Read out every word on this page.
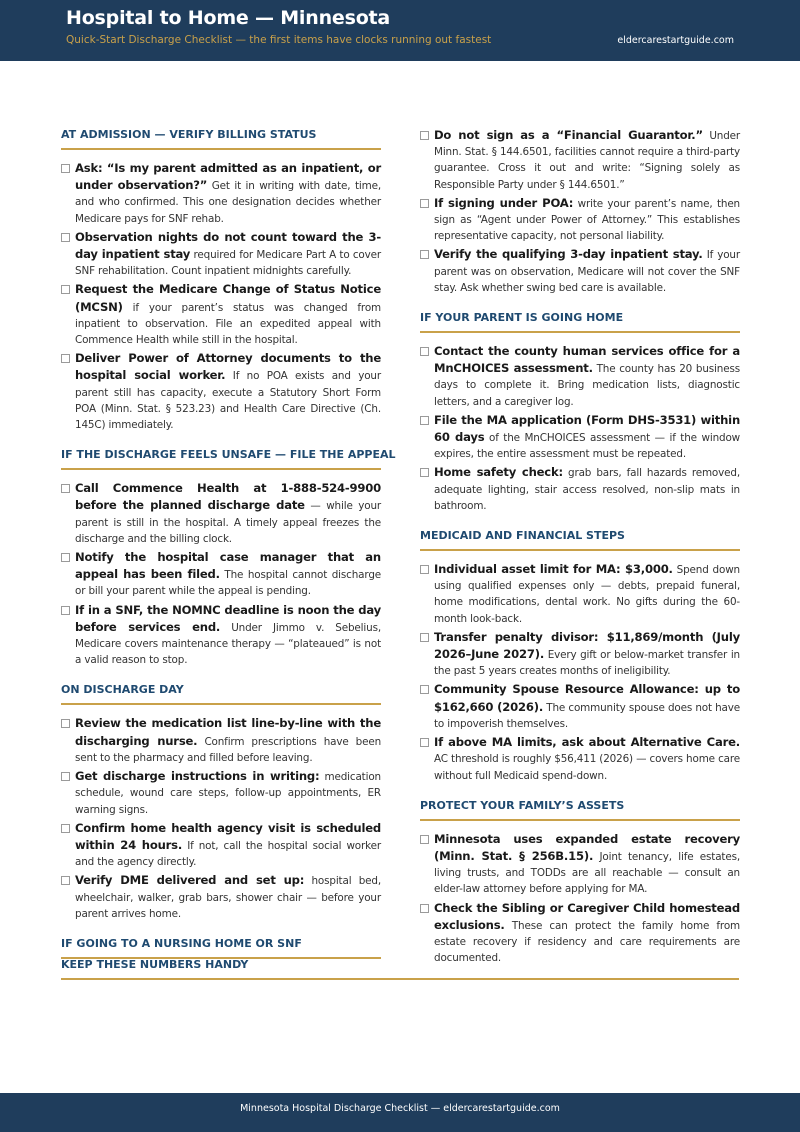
Hospital to Home — Minnesota
Quick-Start Discharge Checklist — the first items have clocks running out fastest	eldercarestartguide.com
AT ADMISSION — VERIFY BILLING STATUS
Ask: “Is my parent admitted as an inpatient, or under observation?” Get it in writing with date, time, and who confirmed. This one designation decides whether Medicare pays for SNF rehab.
Observation nights do not count toward the 3-day inpatient stay required for Medicare Part A to cover SNF rehabilitation. Count inpatient midnights carefully.
Request the Medicare Change of Status Notice (MCSN) if your parent’s status was changed from inpatient to observation. File an expedited appeal with Commence Health while still in the hospital.
Deliver Power of Attorney documents to the hospital social worker. If no POA exists and your parent still has capacity, execute a Statutory Short Form POA (Minn. Stat. § 523.23) and Health Care Directive (Ch. 145C) immediately.
IF THE DISCHARGE FEELS UNSAFE — FILE THE APPEAL
Call Commence Health at 1-888-524-9900 before the planned discharge date — while your parent is still in the hospital. A timely appeal freezes the discharge and the billing clock.
Notify the hospital case manager that an appeal has been filed. The hospital cannot discharge or bill your parent while the appeal is pending.
If in a SNF, the NOMNC deadline is noon the day before services end. Under Jimmo v. Sebelius, Medicare covers maintenance therapy — “plateaued” is not a valid reason to stop.
ON DISCHARGE DAY
Review the medication list line-by-line with the discharging nurse. Confirm prescriptions have been sent to the pharmacy and filled before leaving.
Get discharge instructions in writing: medication schedule, wound care steps, follow-up appointments, ER warning signs.
Confirm home health agency visit is scheduled within 24 hours. If not, call the hospital social worker and the agency directly.
Verify DME delivered and set up: hospital bed, wheelchair, walker, grab bars, shower chair — before your parent arrives home.
IF GOING TO A NURSING HOME OR SNF
Do not sign as a “Financial Guarantor.” Under Minn. Stat. § 144.6501, facilities cannot require a third-party guarantee. Cross it out and write: “Signing solely as Responsible Party under § 144.6501.”
If signing under POA: write your parent’s name, then sign as “Agent under Power of Attorney.” This establishes representative capacity, not personal liability.
Verify the qualifying 3-day inpatient stay. If your parent was on observation, Medicare will not cover the SNF stay. Ask whether swing bed care is available.
IF YOUR PARENT IS GOING HOME
Contact the county human services office for a MnCHOICES assessment. The county has 20 business days to complete it. Bring medication lists, diagnostic letters, and a caregiver log.
File the MA application (Form DHS-3531) within 60 days of the MnCHOICES assessment — if the window expires, the entire assessment must be repeated.
Home safety check: grab bars, fall hazards removed, adequate lighting, stair access resolved, non-slip mats in bathroom.
MEDICAID AND FINANCIAL STEPS
Individual asset limit for MA: $3,000. Spend down using qualified expenses only — debts, prepaid funeral, home modifications, dental work. No gifts during the 60-month look-back.
Transfer penalty divisor: $11,869/month (July 2026–June 2027). Every gift or below-market transfer in the past 5 years creates months of ineligibility.
Community Spouse Resource Allowance: up to $162,660 (2026). The community spouse does not have to impoverish themselves.
If above MA limits, ask about Alternative Care. AC threshold is roughly $56,411 (2026) — covers home care without full Medicaid spend-down.
PROTECT YOUR FAMILY’S ASSETS
Minnesota uses expanded estate recovery (Minn. Stat. § 256B.15). Joint tenancy, life estates, living trusts, and TODDs are all reachable — consult an elder-law attorney before applying for MA.
Check the Sibling or Caregiver Child homestead exclusions. These can protect the family home from estate recovery if residency and care requirements are documented.
KEEP THESE NUMBERS HANDY
Minnesota Hospital Discharge Checklist — eldercarestartguide.com
